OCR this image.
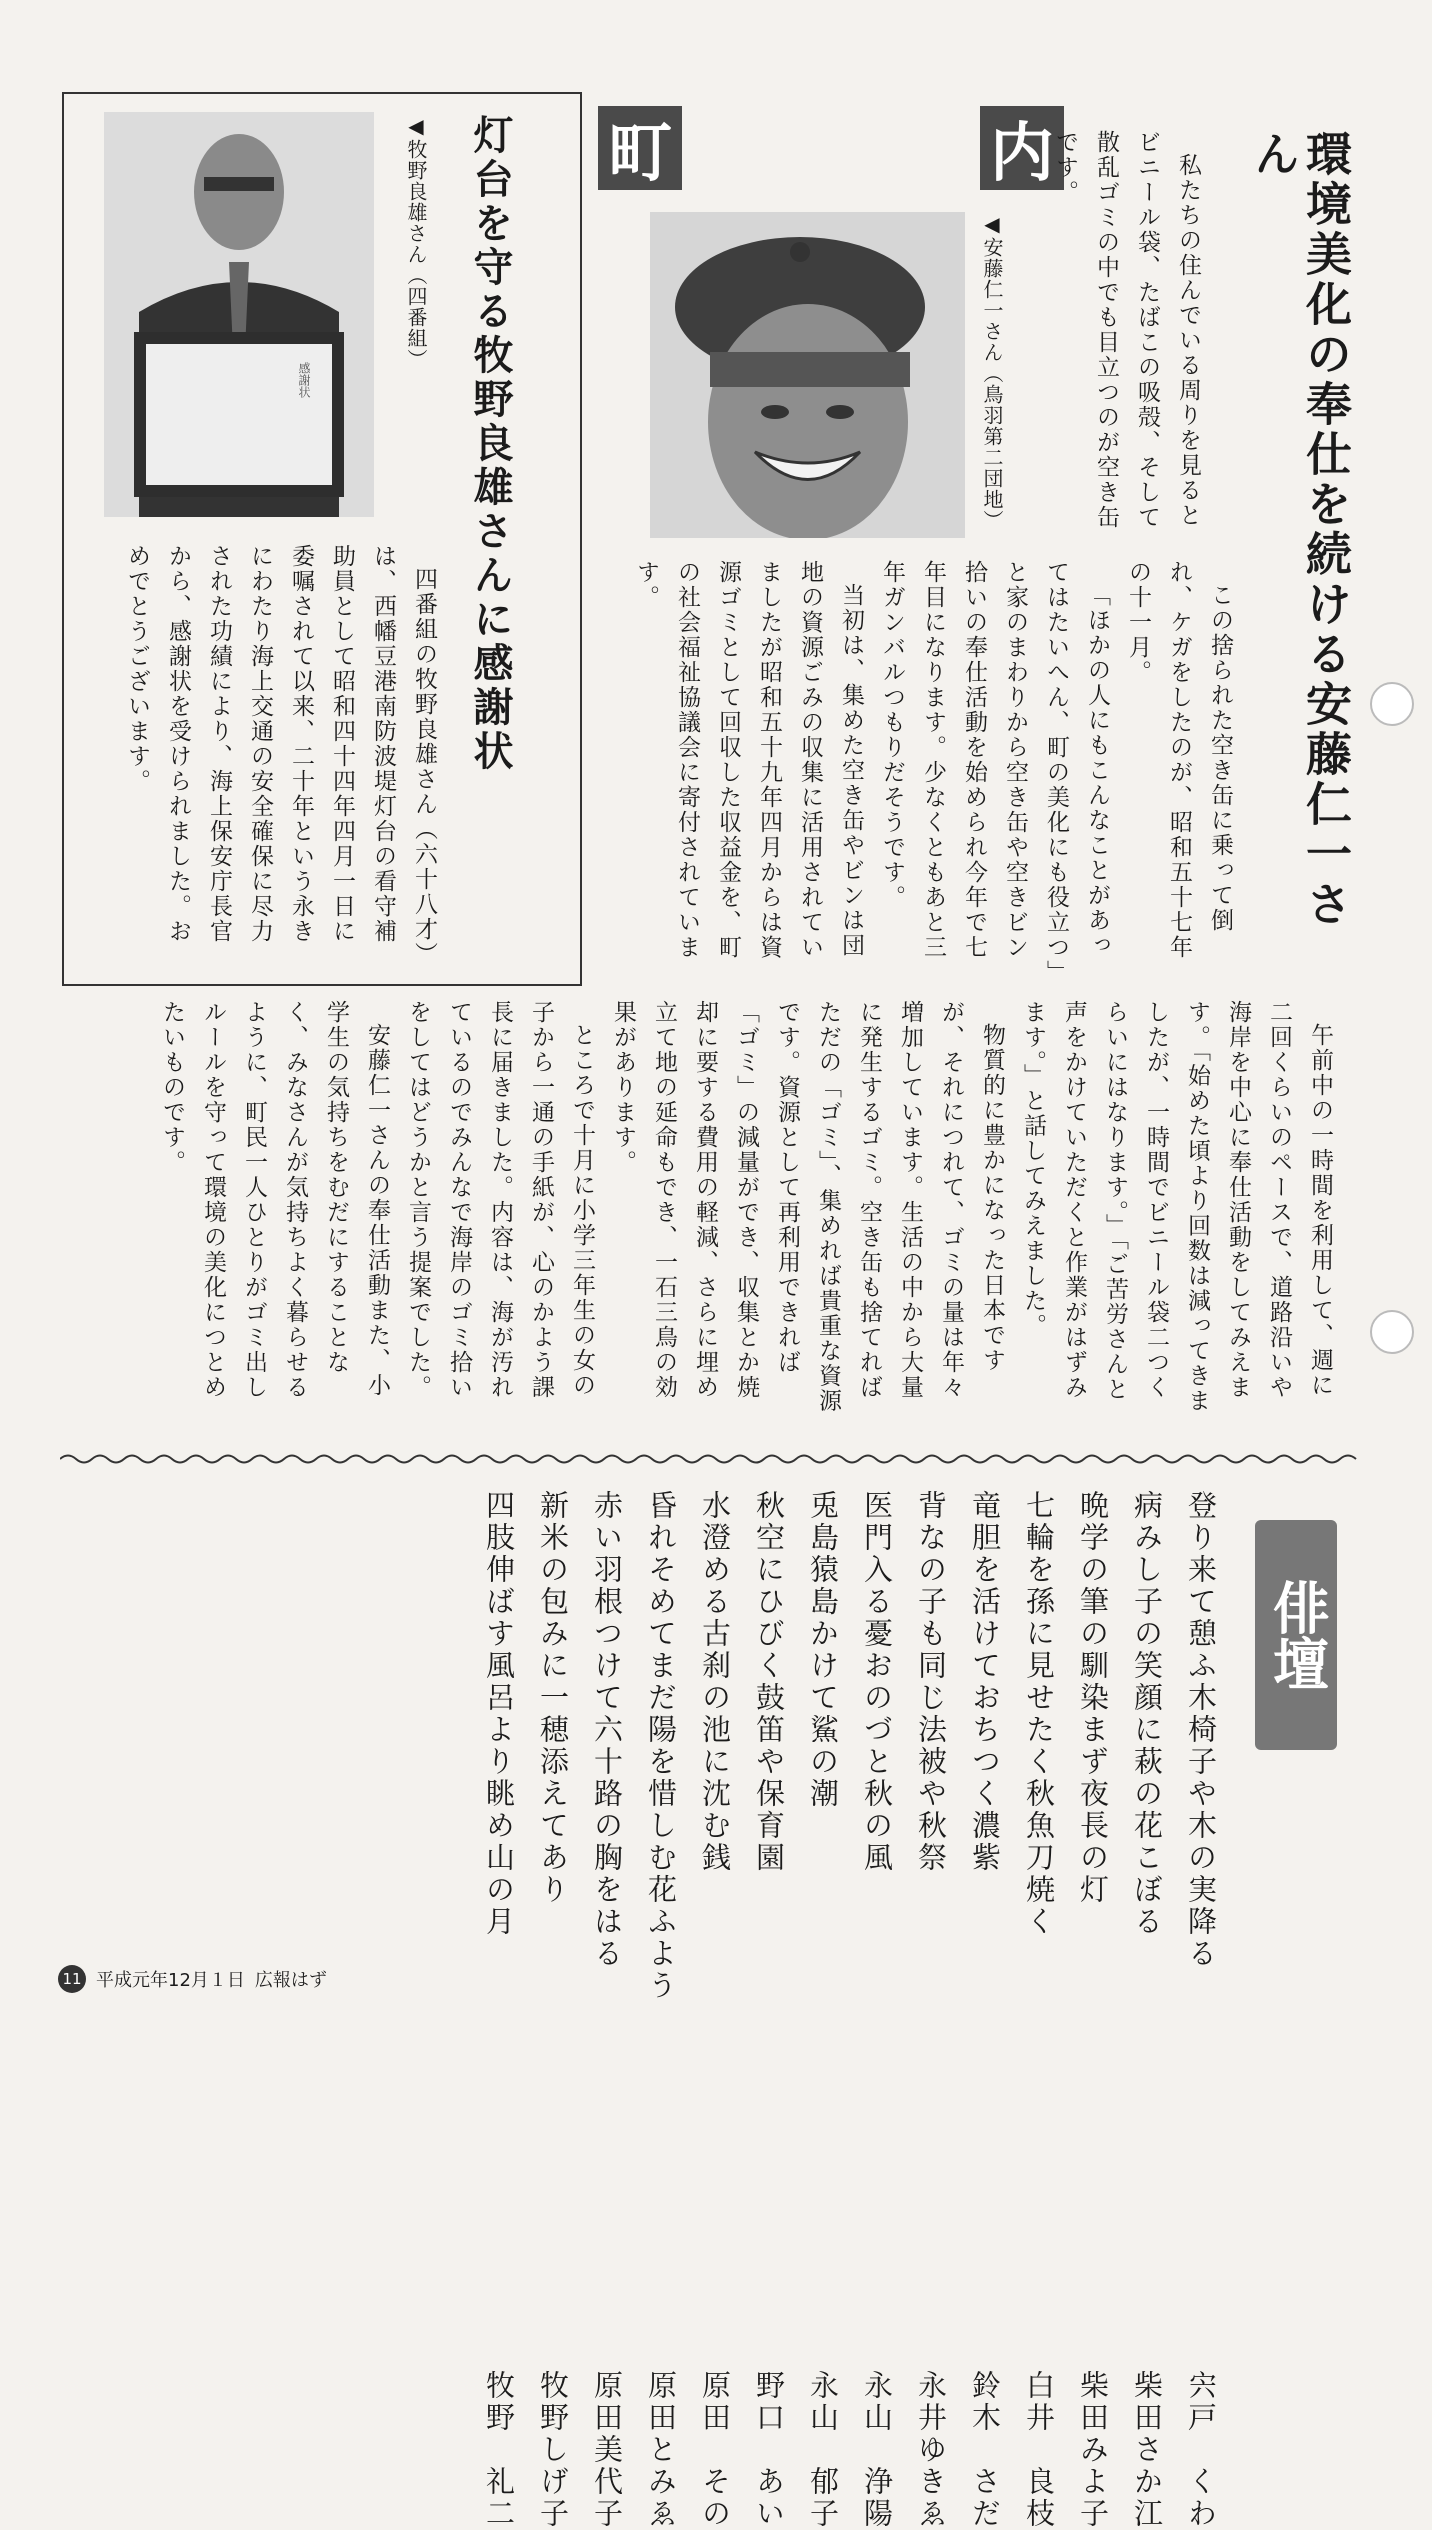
町	内	環境美化の奉仕を続ける安藤仁一さん
◀ 安藤仁一さん（鳥羽第二団地）	私たちの住んでいる周りを見るとビニール袋、たばこの吸殻、そして散乱ゴミの中でも目立つのが空き缶です。

この捨られた空き缶に乗って倒れ、ケガをしたのが、昭和五十七年の十一月。

「ほかの人にもこんなことがあってはたいへん、町の美化にも役立つ」と家のまわりから空き缶や空きビン拾いの奉仕活動を始められ今年で七年目になります。少なくともあと三年ガンバルつもりだそうです。

当初は、集めた空き缶やビンは団地の資源ごみの収集に活用されていましたが昭和五十九年四月からは資源ゴミとして回収した収益金を、町の社会福祉協議会に寄付されています。

午前中の一時間を利用して、週に二回くらいのペースで、道路沿いや海岸を中心に奉仕活動をしてみえます。「始めた頃より回数は減ってきましたが、一時間でビニール袋二つくらいにはなります。」「ご苦労さんと声をかけていただくと作業がはずみます。」と話してみえました。

物質的に豊かになった日本ですが、それにつれて、ゴミの量は年々増加しています。生活の中から大量に発生するゴミ。空き缶も捨てればただの「ゴミ」、集めれば貴重な資源です。資源として再利用できれば「ゴミ」の減量ができ、収集とか焼却に要する費用の軽減、さらに埋め立て地の延命もでき、一石三鳥の効果があります。

ところで十月に小学三年生の女の子から一通の手紙が、心のかよう課長に届きました。内容は、海が汚れているのでみんなで海岸のゴミ拾いをしてはどうかと言う提案でした。

安藤仁一さんの奉仕活動また、小学生の気持ちをむだにすることなく、みなさんが気持ちよく暮らせるように、町民一人ひとりがゴミ出しルールを守って環境の美化につとめたいものです。

感謝状
◀ 牧野良雄さん（四番組） 灯台を守る牧野良雄さんに感謝状

四番組の牧野良雄さん（六十八才）は、西幡豆港南防波堤灯台の看守補助員として昭和四十四年四月一日に委嘱されて以来、二十年という永きにわたり海上交通の安全確保に尽力された功績により、海上保安庁長官から、感謝状を受けられました。おめでとうございます。

俳壇
登り来て憩ふ木椅子や木の実降る
宍戸　くわ
病みし子の笑顔に萩の花こぼる
柴田さか江
晩学の筆の馴染まず夜長の灯
柴田みよ子
七輪を孫に見せたく秋魚刀焼く
白井　良枝
竜胆を活けておちつく濃紫
鈴木　さだ
背なの子も同じ法被や秋祭
永井ゆきゑ
医門入る憂おのづと秋の風
永山　浄陽
兎島猿島かけて鯊の潮
永山　郁子
秋空にひびく鼓笛や保育園
野口　あい
水澄める古刹の池に沈む銭
原田　その
昏れそめてまだ陽を惜しむ花ふよう
原田とみゑ
赤い羽根つけて六十路の胸をはる
原田美代子
新米の包みに一穂添えてあり
牧野しげ子
四肢伸ばす風呂より眺め山の月
牧野　礼二
11 平成元年12月１日 広報はず
